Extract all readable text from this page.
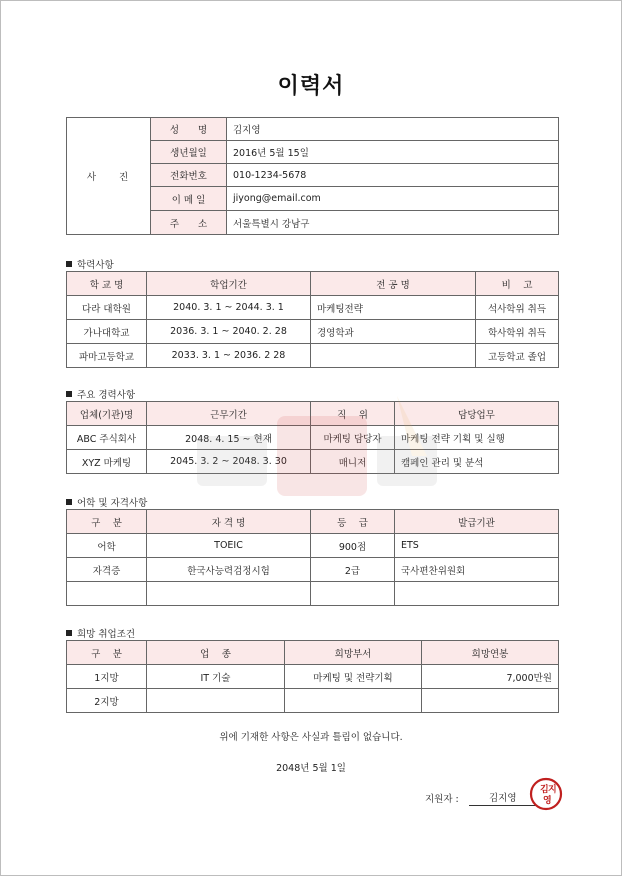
이력서
사 진	성　　명	김지영
	생년월일	2016년 5월 15일
	전화번호	010-1234-5678
	이 메 일	jiyong@email.com
	주　　소	서울특별시 강남구
학력사항
학 교 명	학업기간	전 공 명	비　 고
다라 대학원	2040. 3. 1 ~ 2044. 3. 1	마케팅전략	석사학위 취득
가나대학교	2036. 3. 1 ~ 2040. 2. 28	경영학과	학사학위 취득
파마고등학교	2033. 3. 1 ~ 2036. 2 28		고등학교 졸업
주요 경력사항
업체(기관)명	근무기간	직　 위	담당업무
ABC 주식회사	2048. 4. 15 ~ 현재	마케팅 담당자	마케팅 전략 기획 및 실행
XYZ 마케팅	2045. 3. 2 ~ 2048. 3. 30	매니저	캠페인 관리 및 분석
어학 및 자격사항
구　 분	자 격 명	등　 급	발급기관
어학	TOEIC	900점	ETS
자격증	한국사능력검정시험	2급	국사편찬위원회

희망 취업조건
구　 분	업　 종	희망부서	희망연봉
1지망	IT 기술	마케팅 및 전략기획	7,000만원
2지망			
위에 기재한 사항은 사실과 틀림이 없습니다.
2048년 5월 1일
지원자 :	김지영
김 지
영
